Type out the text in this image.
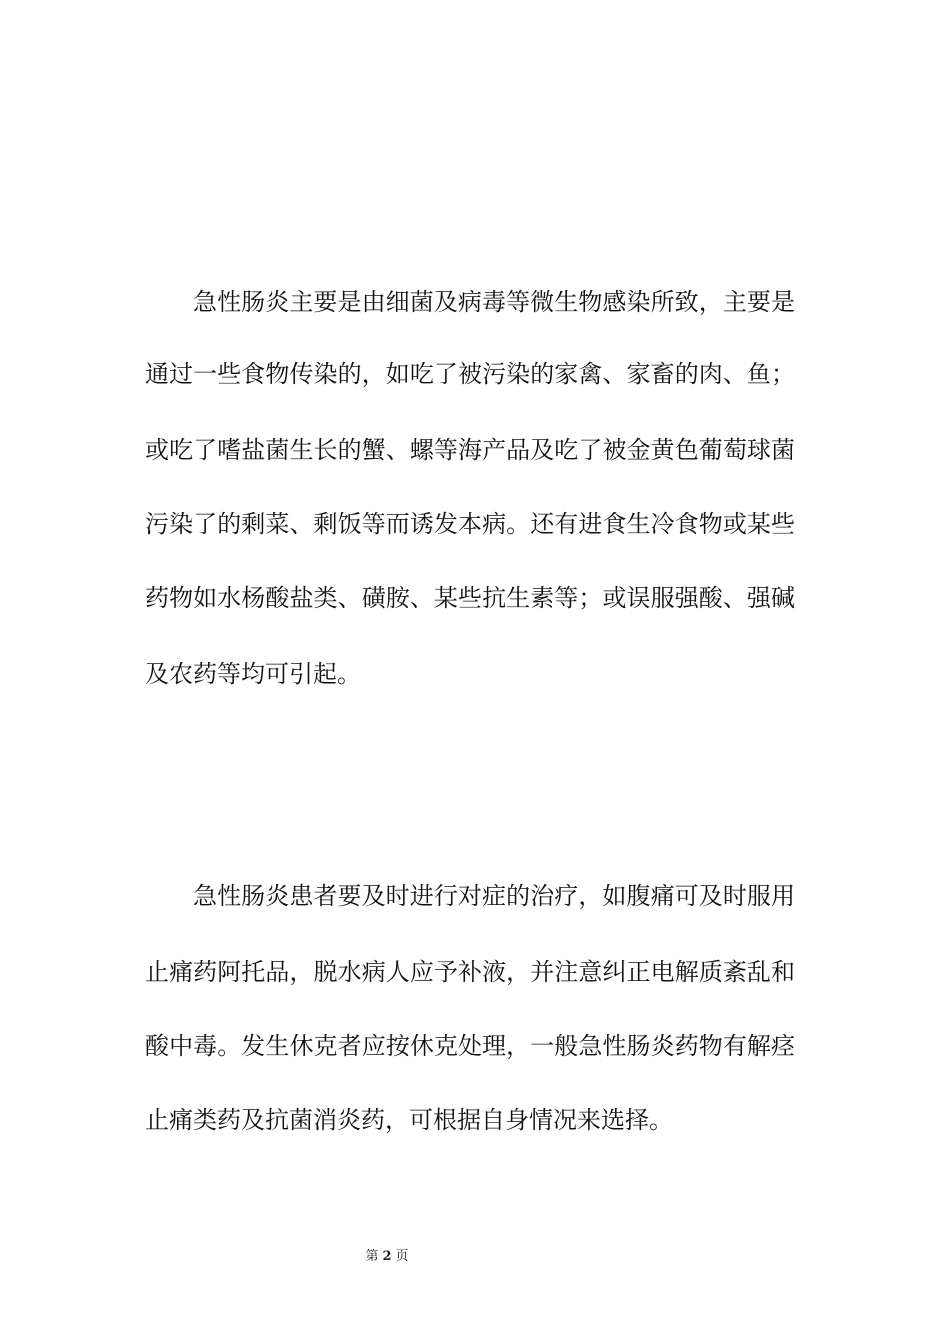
急性肠炎主要是由细菌及病毒等微生物感染所致，主要是
通过一些食物传染的，如吃了被污染的家禽、家畜的肉、鱼；
或吃了嗜盐菌生长的蟹、螺等海产品及吃了被金黄色葡萄球菌
污染了的剩菜、剩饭等而诱发本病。还有进食生冷食物或某些
药物如水杨酸盐类、磺胺、某些抗生素等；或误服强酸、强碱
及农药等均可引起。
急性肠炎患者要及时进行对症的治疗，如腹痛可及时服用
止痛药阿托品，脱水病人应予补液，并注意纠正电解质紊乱和
酸中毒。发生休克者应按休克处理，一般急性肠炎药物有解痉
止痛类药及抗菌消炎药，可根据自身情况来选择。
第 2 页
